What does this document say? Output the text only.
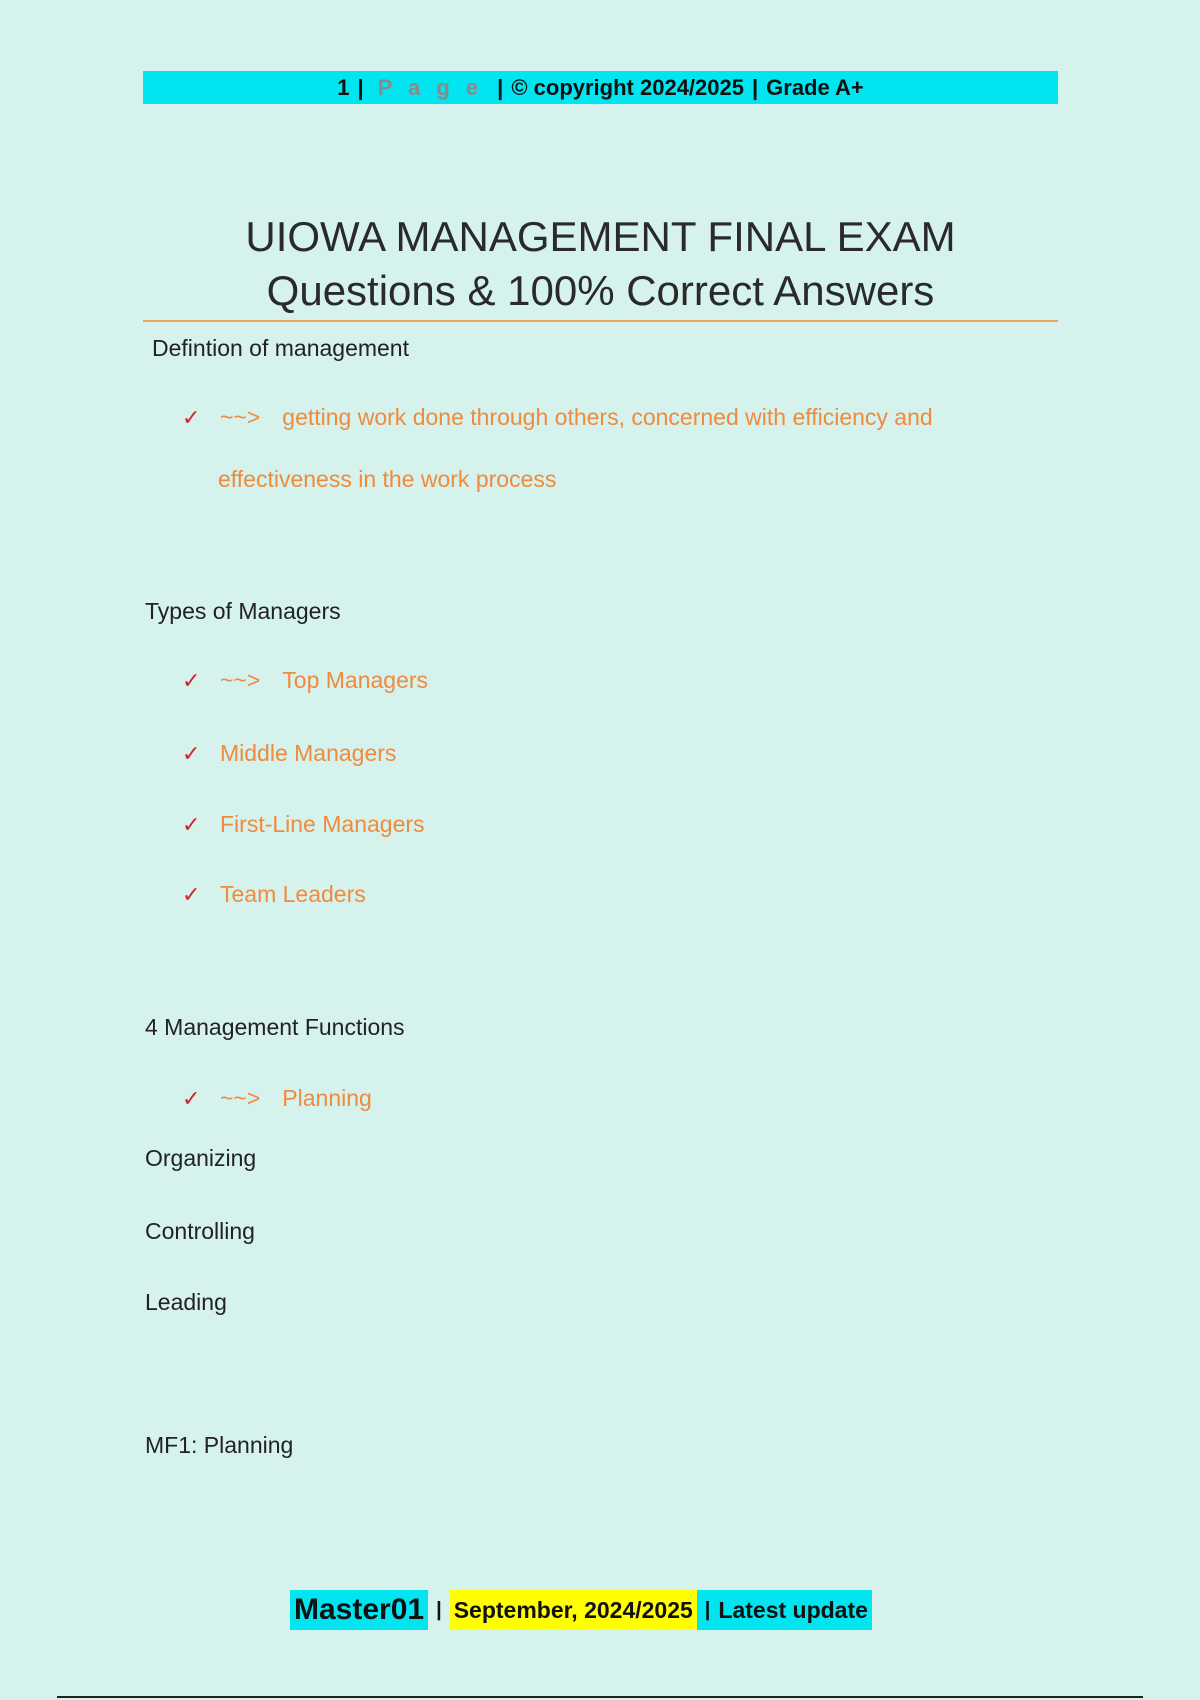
1 | P a g e | © copyright 2024/2025 | Grade A+
UIOWA MANAGEMENT FINAL EXAM
Questions & 100% Correct Answers
Defintion of management
✓ ~~> getting work done through others, concerned with efficiency and
effectiveness in the work process
Types of Managers
✓ ~~> Top Managers
✓ Middle Managers
✓ First-Line Managers
✓ Team Leaders
4 Management Functions
✓ ~~> Planning
Organizing
Controlling
Leading
MF1: Planning
Master01 | September, 2024/2025 | Latest update
